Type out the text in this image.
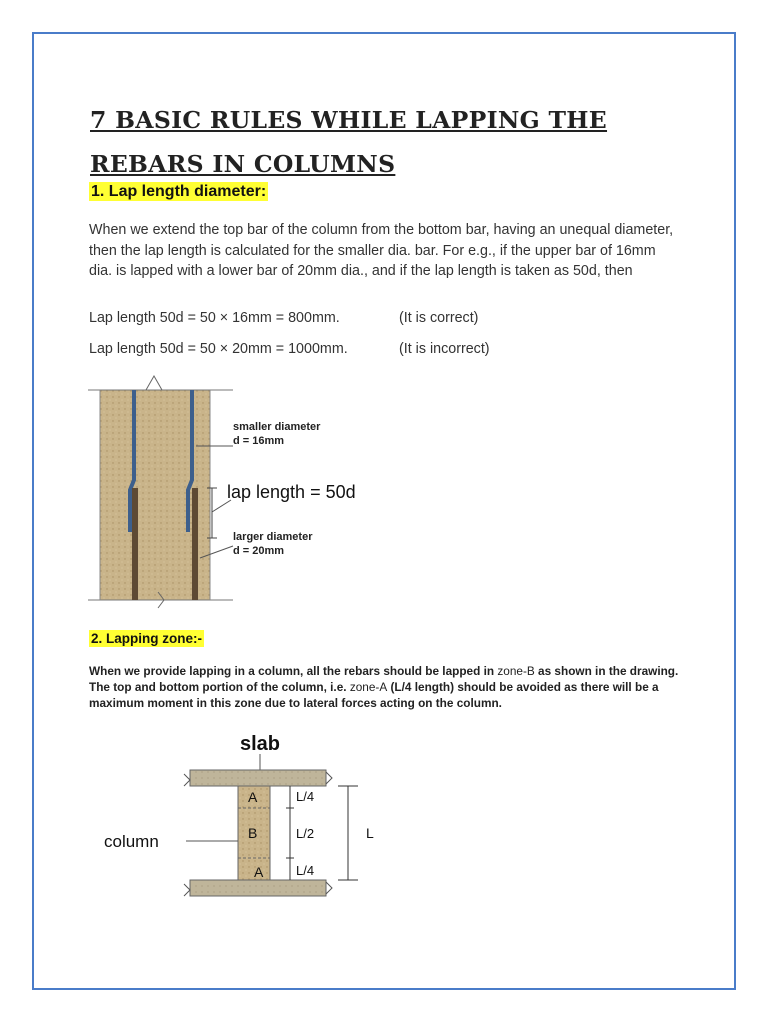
7 BASIC RULES WHILE LAPPING THE REBARS IN COLUMNS
1. Lap length diameter:

When we extend the top bar of the column from the bottom bar, having an unequal diameter, then the lap length is calculated for the smaller dia. bar. For e.g., if the upper bar of 16mm dia. is lapped with a lower bar of 20mm dia., and if the lap length is taken as 50d, then

Lap length 50d = 50 × 16mm = 800mm.	(It is correct)

Lap length 50d = 50 × 20mm = 1000mm.	(It is incorrect)

smaller diameter
d = 16mm
lap length = 50d
larger diameter
d = 20mm
2. Lapping zone:-

When we provide lapping in a column, all the rebars should be lapped in zone-B as shown in the drawing. The top and bottom portion of the column, i.e. zone-A (L/4 length) should be avoided as there will be a maximum moment in this zone due to lateral forces acting on the column.

slab
A
B
A
column
L/4
L/2
L/4
L
